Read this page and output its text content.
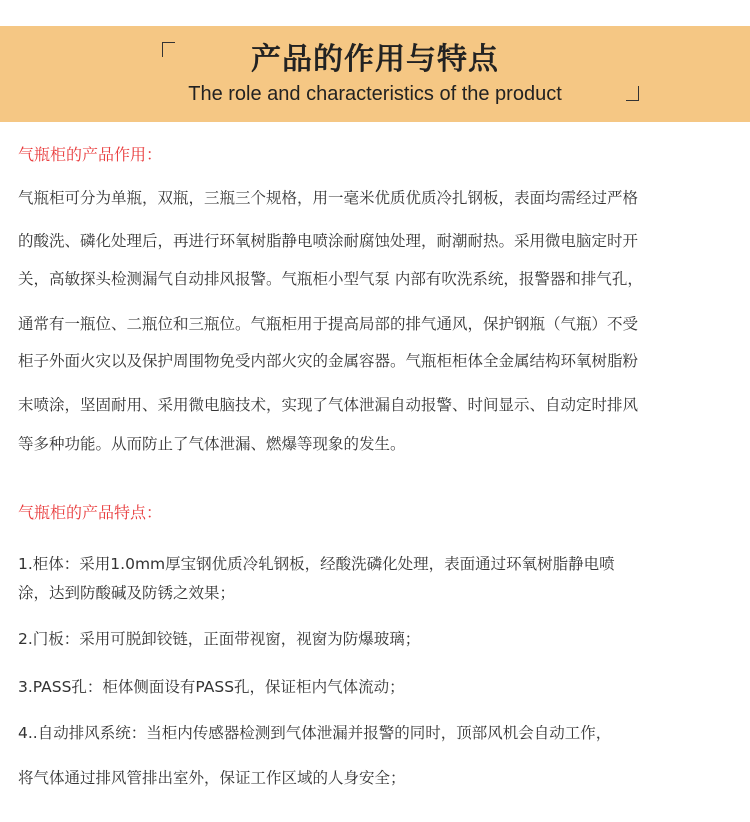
产品的作用与特点
The role and characteristics of the product
气瓶柜的产品作用：
气瓶柜可分为单瓶，双瓶，三瓶三个规格，用一毫米优质优质冷扎钢板，表面均需经过严格
的酸洗、磷化处理后，再进行环氧树脂静电喷涂耐腐蚀处理，耐潮耐热。采用微电脑定时开
关，高敏探头检测漏气自动排风报警。气瓶柜小型气泵 内部有吹洗系统，报警器和排气孔，
通常有一瓶位、二瓶位和三瓶位。气瓶柜用于提高局部的排气通风，保护钢瓶（气瓶）不受
柜子外面火灾以及保护周围物免受内部火灾的金属容器。气瓶柜柜体全金属结构环氧树脂粉
末喷涂，坚固耐用、采用微电脑技术，实现了气体泄漏自动报警、时间显示、自动定时排风
等多种功能。从而防止了气体泄漏、燃爆等现象的发生。
气瓶柜的产品特点：
1.柜体：采用1.0mm厚宝钢优质冷轧钢板，经酸洗磷化处理，表面通过环氧树脂静电喷
涂，达到防酸碱及防锈之效果；
2.门板：采用可脱卸铰链，正面带视窗，视窗为防爆玻璃；
3.PASS孔：柜体侧面设有PASS孔，保证柜内气体流动；
4..自动排风系统：当柜内传感器检测到气体泄漏并报警的同时，顶部风机会自动工作，
将气体通过排风管排出室外，保证工作区域的人身安全；
